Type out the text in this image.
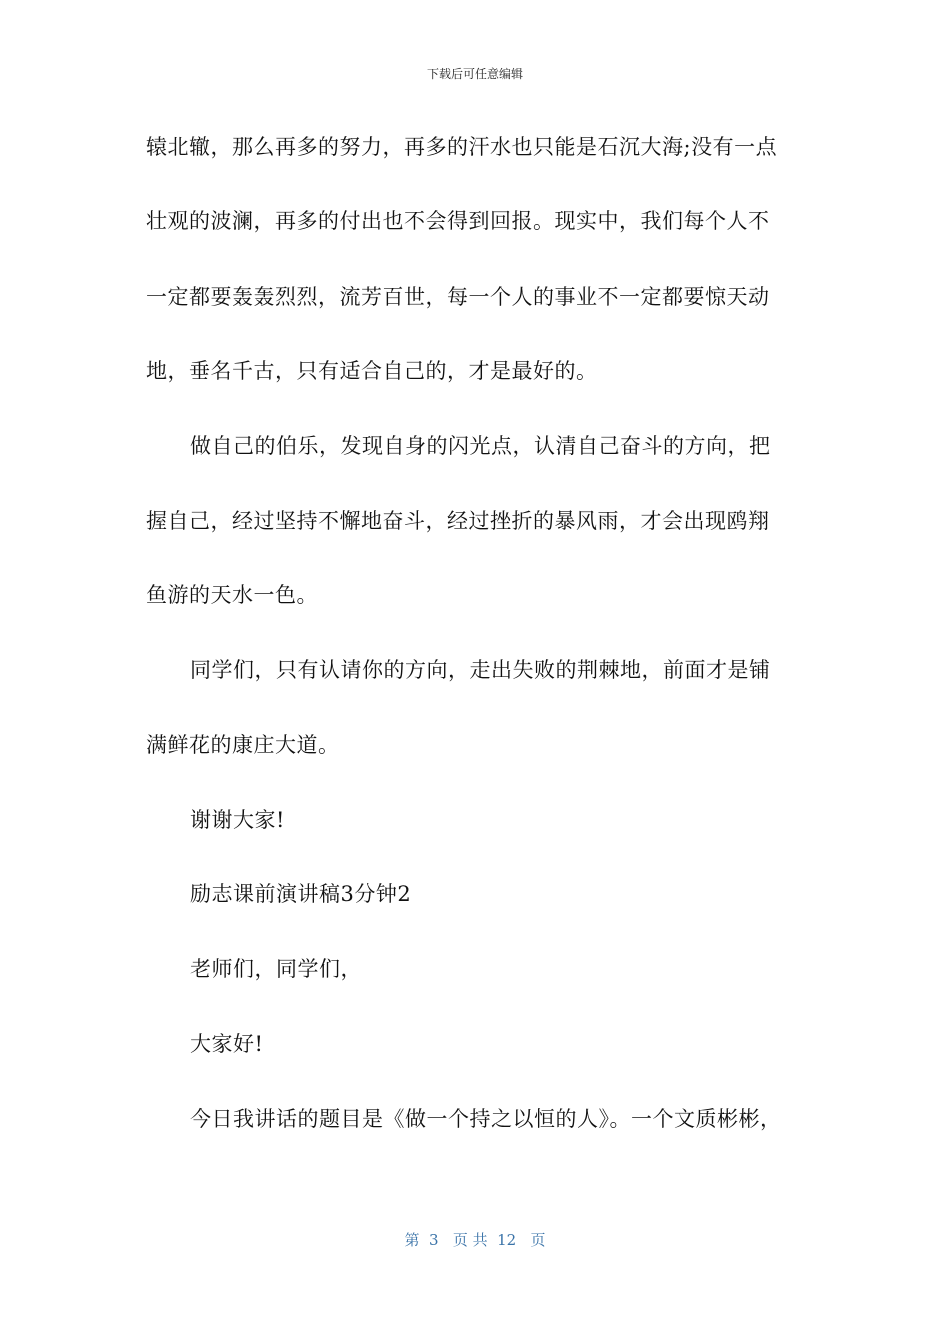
下载后可任意编辑
辕北辙，那么再多的努力，再多的汗水也只能是石沉大海;没有一点
壮观的波澜，再多的付出也不会得到回报。现实中，我们每个人不
一定都要轰轰烈烈，流芳百世，每一个人的事业不一定都要惊天动
地，垂名千古，只有适合自己的，才是最好的。
做自己的伯乐，发现自身的闪光点，认清自己奋斗的方向，把
握自己，经过坚持不懈地奋斗，经过挫折的暴风雨，才会出现鸥翔
鱼游的天水一色。
同学们，只有认请你的方向，走出失败的荆棘地，前面才是铺
满鲜花的康庄大道。
谢谢大家!
励志课前演讲稿3分钟2
老师们，同学们，
大家好!
今日我讲话的题目是《做一个持之以恒的人》。一个文质彬彬，
第  3   页 共  12   页
